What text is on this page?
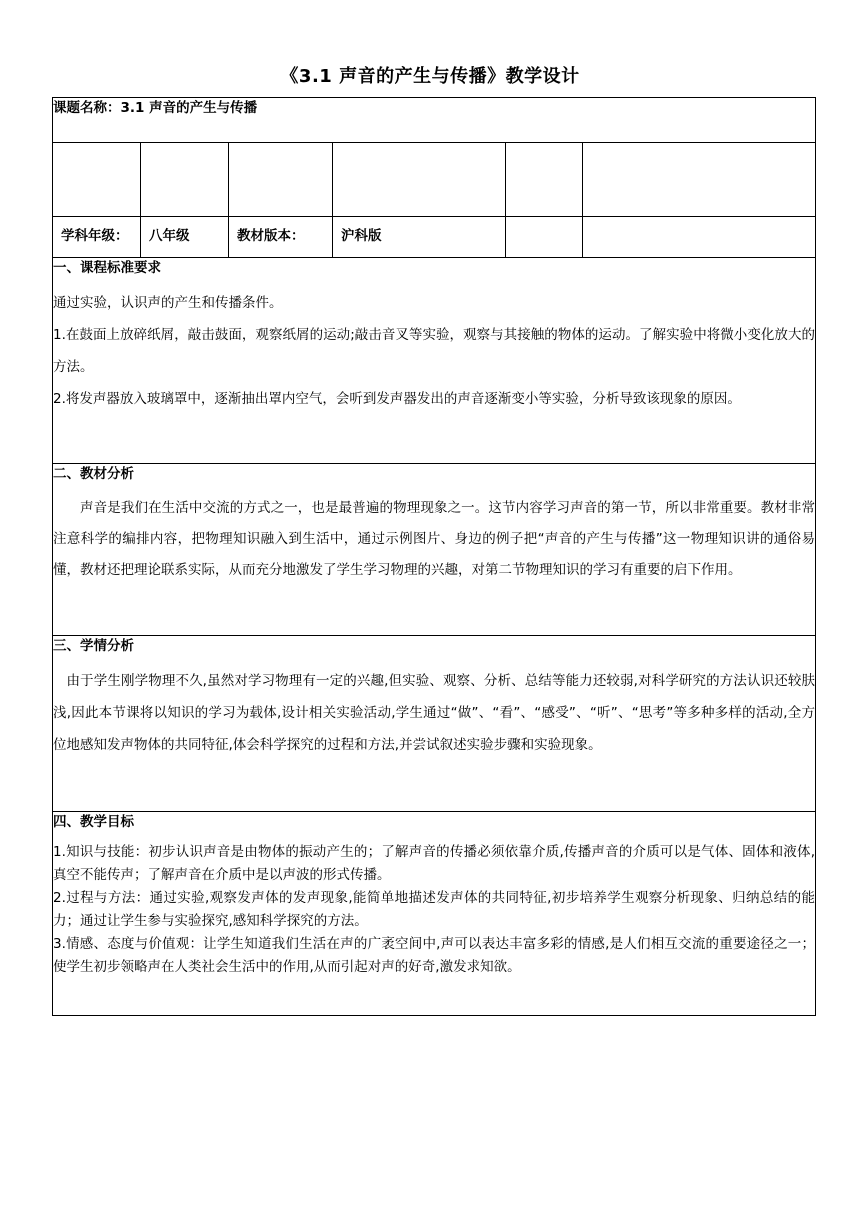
《3.1 声音的产生与传播》教学设计
课题名称：3.1 声音的产生与传播					

学科年级：	八年级	教材版本：	沪科版		

一、课程标准要求

通过实验，认识声的产生和传播条件。

1.在鼓面上放碎纸屑，敲击鼓面，观察纸屑的运动;敲击音叉等实验，观察与其接触的物体的运动。了解实验中将微小变化放大的方法。

2.将发声器放入玻璃罩中，逐渐抽出罩内空气，会听到发声器发出的声音逐渐变小等实验，分析导致该现象的原因。					

二、教材分析

声音是我们在生活中交流的方式之一，也是最普遍的物理现象之一。这节内容学习声音的第一节，所以非常重要。教材非常注意科学的编排内容，把物理知识融入到生活中，通过示例图片、身边的例子把“声音的产生与传播”这一物理知识讲的通俗易懂，教材还把理论联系实际，从而充分地激发了学生学习物理的兴趣，对第二节物理知识的学习有重要的启下作用。					

三、学情分析

由于学生刚学物理不久,虽然对学习物理有一定的兴趣,但实验、观察、分析、总结等能力还较弱,对科学研究的方法认识还较肤浅,因此本节课将以知识的学习为载体,设计相关实验活动,学生通过“做”、“看”、“感受”、“听”、“思考”等多种多样的活动,全方位地感知发声物体的共同特征,体会科学探究的过程和方法,并尝试叙述实验步骤和实验现象。					

四、教学目标

1.知识与技能：初步认识声音是由物体的振动产生的；了解声音的传播必须依靠介质,传播声音的介质可以是气体、固体和液体,真空不能传声；了解声音在介质中是以声波的形式传播。

2.过程与方法：通过实验,观察发声体的发声现象,能简单地描述发声体的共同特征,初步培养学生观察分析现象、归纳总结的能力；通过让学生参与实验探究,感知科学探究的方法。

3.情感、态度与价值观：让学生知道我们生活在声的广袤空间中,声可以表达丰富多彩的情感,是人们相互交流的重要途径之一；使学生初步领略声在人类社会生活中的作用,从而引起对声的好奇,激发求知欲。					
